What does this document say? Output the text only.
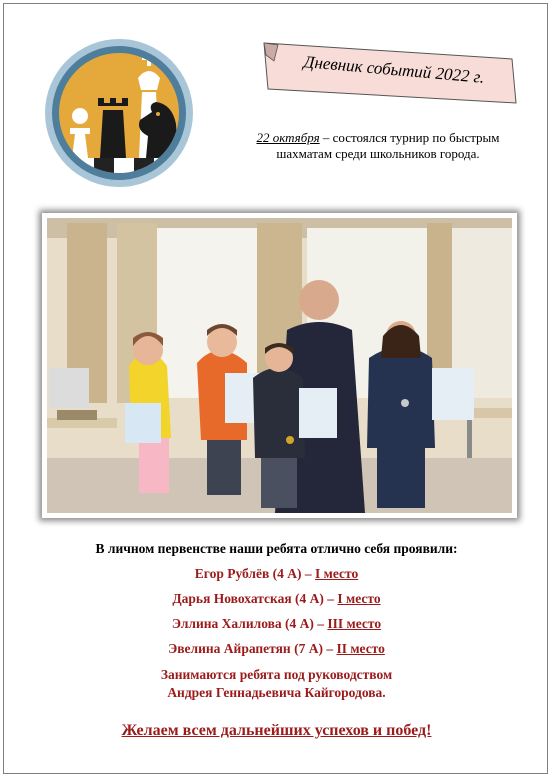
Дневник событий 2022 г.
22 октября – состоялся турнир по быстрым шахматам среди школьников города.
В личном первенстве наши ребята отлично себя проявили:
Егор Рублёв (4 А) – I место
Дарья Новохатская (4 А) – I место
Эллина Халилова (4 А) – III место
Эвелина Айрапетян (7 А) – II место
Занимаются ребята под руководством
Андрея Геннадьевича Кайгородова.
Желаем всем дальнейших успехов и побед!
